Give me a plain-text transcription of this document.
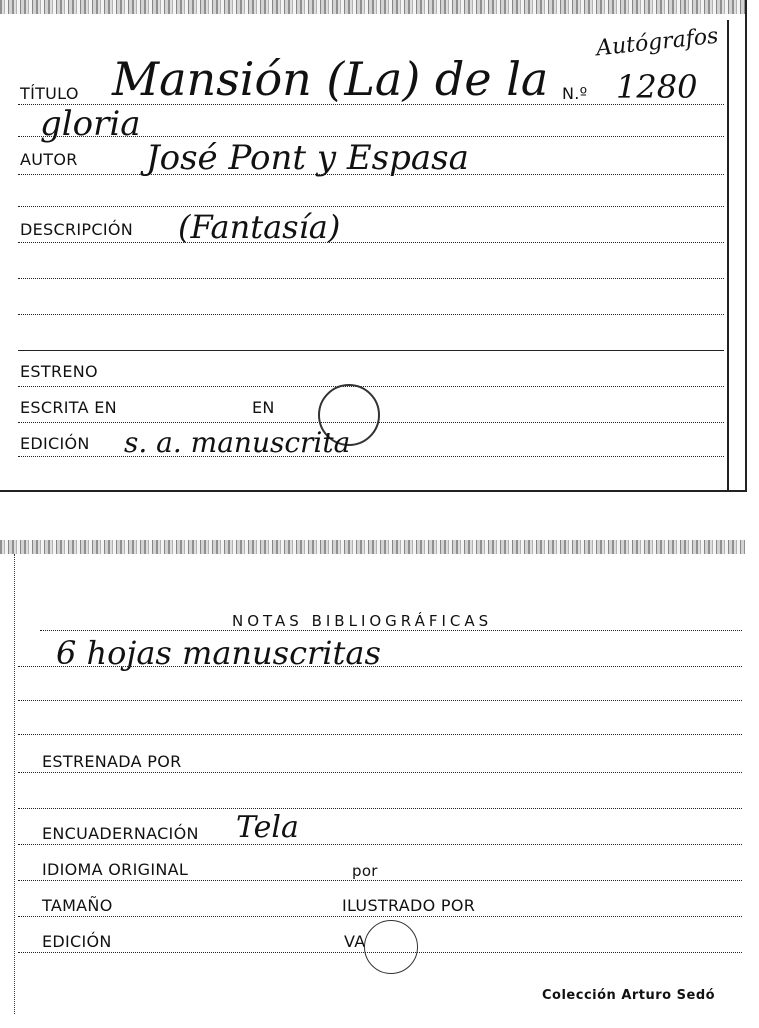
Autógrafos
TÍTULO Mansión (La) de la N.º 1280
gloria
AUTOR José Pont y Espasa
DESCRIPCIÓN (Fantasía)
ESTRENO
ESCRITA EN	EN
EDICIÓN s. a. manuscrita
NOTAS BIBLIOGRÁFICAS
6 hojas manuscritas
ESTRENADA POR
ENCUADERNACIÓN Tela
IDIOMA ORIGINAL	por
TAMAÑO	ILUSTRADO POR
EDICIÓN	VA
Colección Arturo Sedó
